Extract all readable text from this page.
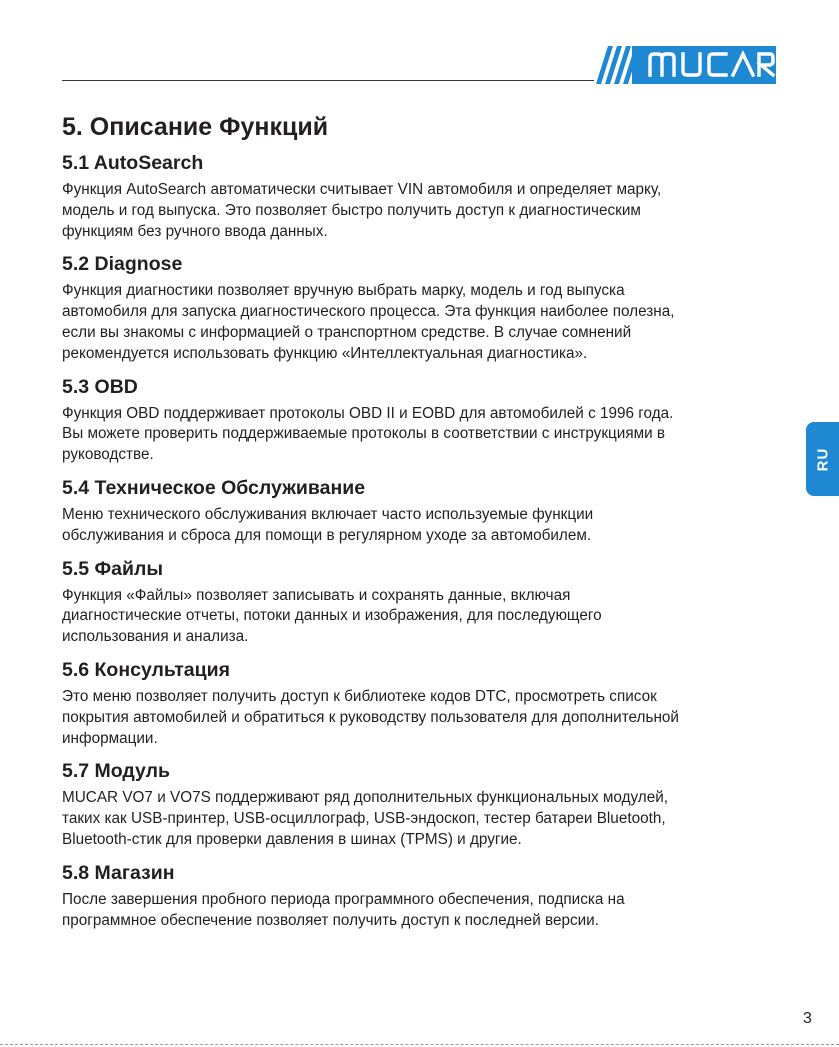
5. Описание Функций
5.1 AutoSearch

Функция AutoSearch автоматически считывает VIN автомобиля и определяет марку,
модель и год выпуска. Это позволяет быстро получить доступ к диагностическим
функциям без ручного ввода данных.

5.2 Diagnose

Функция диагностики позволяет вручную выбрать марку, модель и год выпуска
автомобиля для запуска диагностического процесса. Эта функция наиболее полезна,
если вы знакомы с информацией о транспортном средстве. В случае сомнений
рекомендуется использовать функцию «Интеллектуальная диагностика».

5.3 OBD

Функция OBD поддерживает протоколы OBD II и EOBD для автомобилей с 1996 года.
Вы можете проверить поддерживаемые протоколы в соответствии с инструкциями в
руководстве.

5.4 Техническое Обслуживание

Меню технического обслуживания включает часто используемые функции
обслуживания и сброса для помощи в регулярном уходе за автомобилем.

5.5 Файлы

Функция «Файлы» позволяет записывать и сохранять данные, включая
диагностические отчеты, потоки данных и изображения, для последующего
использования и анализа.

5.6 Консультация

Это меню позволяет получить доступ к библиотеке кодов DTC, просмотреть список
покрытия автомобилей и обратиться к руководству пользователя для дополнительной
информации.

5.7 Модуль

MUCAR VO7 и VO7S поддерживают ряд дополнительных функциональных модулей,
таких как USB-принтер, USB-осциллограф, USB-эндоскоп, тестер батареи Bluetooth,
Bluetooth-стик для проверки давления в шинах (TPMS) и другие.

5.8 Магазин

После завершения пробного периода программного обеспечения, подписка на
программное обеспечение позволяет получить доступ к последней версии.

RU
3
